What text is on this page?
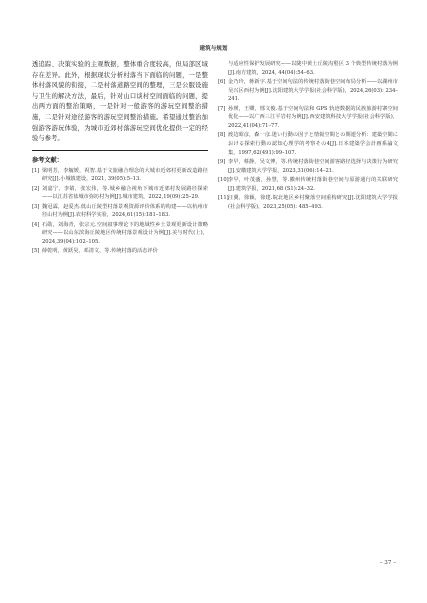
建筑与规划

透追踪、决策实验的主观数据，整体重合度较高，但局部区域存在差异。此外，根据现状分析村落当下面临的问题，一是整体村落风貌的衔接，二是村落道路空间的整理，三是公服设施与卫生的解决方法，最后，针对山口谈村空间面临的问题，提出两方面的整治策略，一是针对一般游客的游玩空间整治措施，二是针对途径游客的游玩空间整治措施。希望通过整治加强游客游玩体验，为城市近郊村落游玩空间优化提供一定的经验与参考。

参考文献：
[1] 梁明芳，李毓媛，祝智.基于文旅融合理念的大城市近郊村更新改造路径研究[J].小城镇建设，2021, 39(05):5–13.
[2] 刘嘉宁，李婧，张宏伟，等.城乡融合视角下城市近郊村发展路径探索——以江苏省盐城市弥坊村为例[J].城市建筑，2022,19(09):25–29.
[3] 魏冠霖，赵爱杰.低山丘陵型村落景观资源评价体系的构建——以杭州市径山村为例[J].农村科学实验，2024,61(15):181–183.
[4] 石勋，刘海青，张宗元.空间叙事理论下的地域性乡土景观更新设计策略研究——以山东滨海丘陵地区传统村落景观设计为例[J].美与时代(上)，2024,39(04):102–105.
[5] 薛乾明，黄跃昊，邓清文，等.传统村落的活态评价
与适应性保护发展研究——以陇中黄土丘陵沟壑区 3 个典型传统村落为例[J].南方建筑，2024, 44(04):54–63.
[6] 金乃玲，蒋新宇.基于空间句法的传统村落街巷空间布局分析——以湖州市吴兴区西村为例[J].沈阳建筑大学学报(社会科学版)，2024,26(03): 234–241.
[7] 孙瑛，王卿，邢文俊.基于空间句法和 GPS 轨迹数据的民族旅游村寨空间优化——以广西三江平岩村为例[J].西安建筑科技大学学报(社会科学版)，2022,41(04):71–77.
[8] 渡边昭彦，森一彦.迷い行動の因子と情報空間との関連分析：建築空間における探索行動の認知心理学的考察その4[J].日本建築学会計画系論文集，1997,62(491):99–107.
[9] 李早，蔡静，吴文博，等.传统村落街巷空间游客路径选择与决策行为研究[J].安徽建筑大学学报，2023,31(06):14–21.
[10] 李早，叶茂盛，孙慧，等.徽州传统村落街巷空间与原游通行的关联研究[J].建筑学报，2021,68 (S1):24–32.
[11] 汪翼，徐颖，徐建.皖北地区乡村聚落空间重构研究[J].沈阳建筑大学学报(社会科学版)，2023,25(05): 485–493.
– 37 –
